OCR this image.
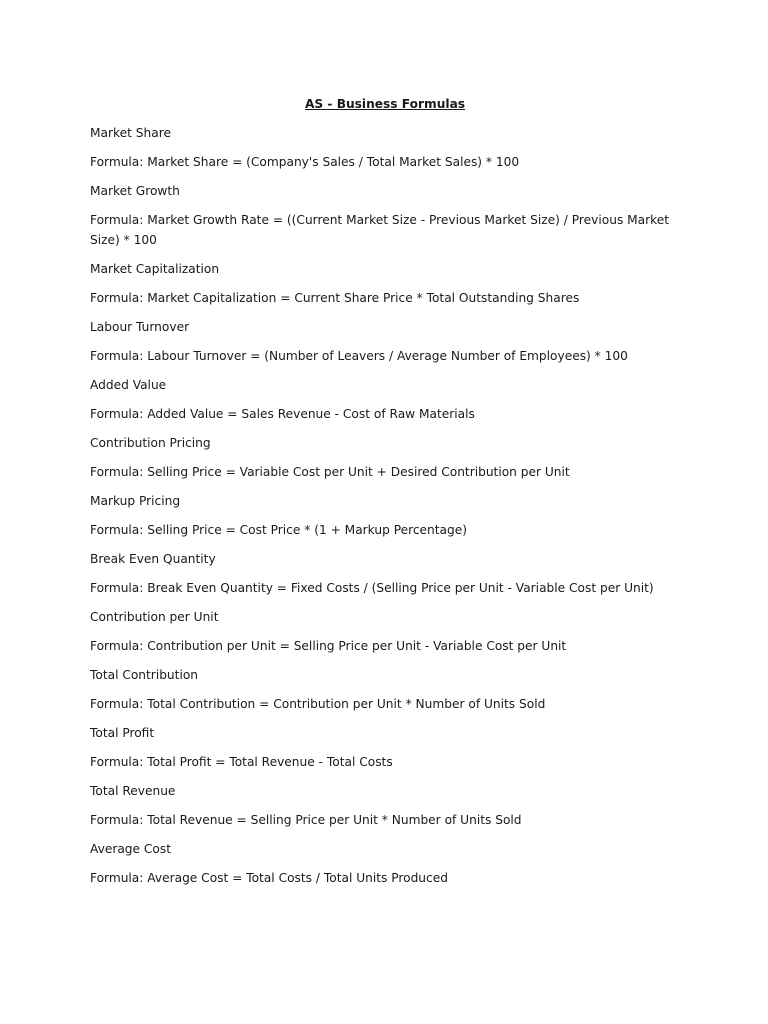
AS - Business Formulas
Market Share
Formula: Market Share = (Company's Sales / Total Market Sales) * 100
Market Growth
Formula: Market Growth Rate = ((Current Market Size - Previous Market Size) / Previous Market Size) * 100
Market Capitalization
Formula: Market Capitalization = Current Share Price * Total Outstanding Shares
Labour Turnover
Formula: Labour Turnover = (Number of Leavers / Average Number of Employees) * 100
Added Value
Formula: Added Value = Sales Revenue - Cost of Raw Materials
Contribution Pricing
Formula: Selling Price = Variable Cost per Unit + Desired Contribution per Unit
Markup Pricing
Formula: Selling Price = Cost Price * (1 + Markup Percentage)
Break Even Quantity
Formula: Break Even Quantity = Fixed Costs / (Selling Price per Unit - Variable Cost per Unit)
Contribution per Unit
Formula: Contribution per Unit = Selling Price per Unit - Variable Cost per Unit
Total Contribution
Formula: Total Contribution = Contribution per Unit * Number of Units Sold
Total Profit
Formula: Total Profit = Total Revenue - Total Costs
Total Revenue
Formula: Total Revenue = Selling Price per Unit * Number of Units Sold
Average Cost
Formula: Average Cost = Total Costs / Total Units Produced
